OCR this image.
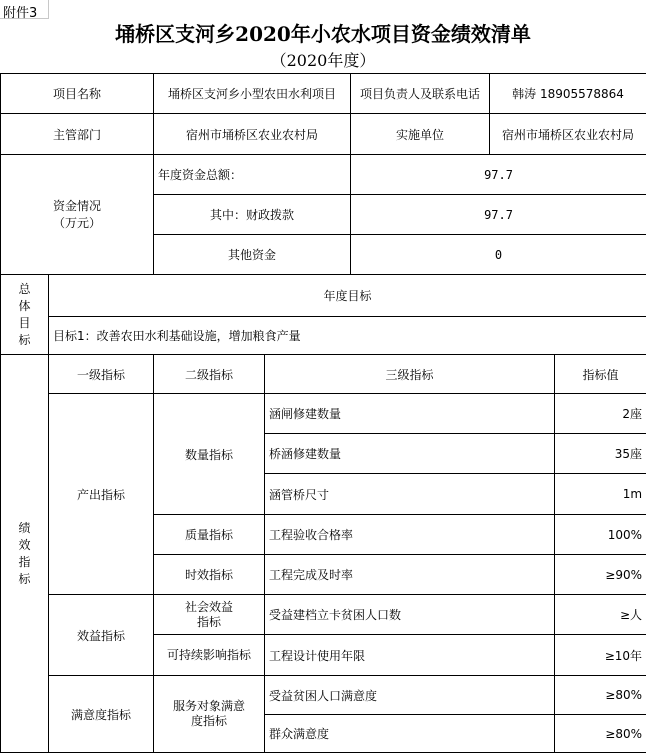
附件3
埇桥区支河乡2020年小农水项目资金绩效清单
（2020年度）
项目名称		埇桥区支河乡小型农田水利项目		项目负责人及联系电话	韩涛 18905578864	
主管部门		宿州市埇桥区农业农村局		实施单位	宿州市埇桥区农业农村局	
资金情况
（万元）		年度资金总额：		97.7		
		其中：财政拨款		97.7		
		其他资金		0		

总体目标	年度目标					
	目标1：改善农田水利基础设施，增加粮食产量					

绩效指标	一级指标	二级指标	三级指标			指标值
	产出指标	数量指标	涵闸修建数量			2座
			桥涵修建数量			35座
			涵管桥尺寸			1m
		质量指标	工程验收合格率			100%
		时效指标	工程完成及时率			≥90%
	效益指标	社会效益指标	受益建档立卡贫困人口数			≥人
		可持续影响指标	工程设计使用年限			≥10年
	满意度指标	服务对象满意度指标	受益贫困人口满意度			≥80%
			群众满意度			≥80%
